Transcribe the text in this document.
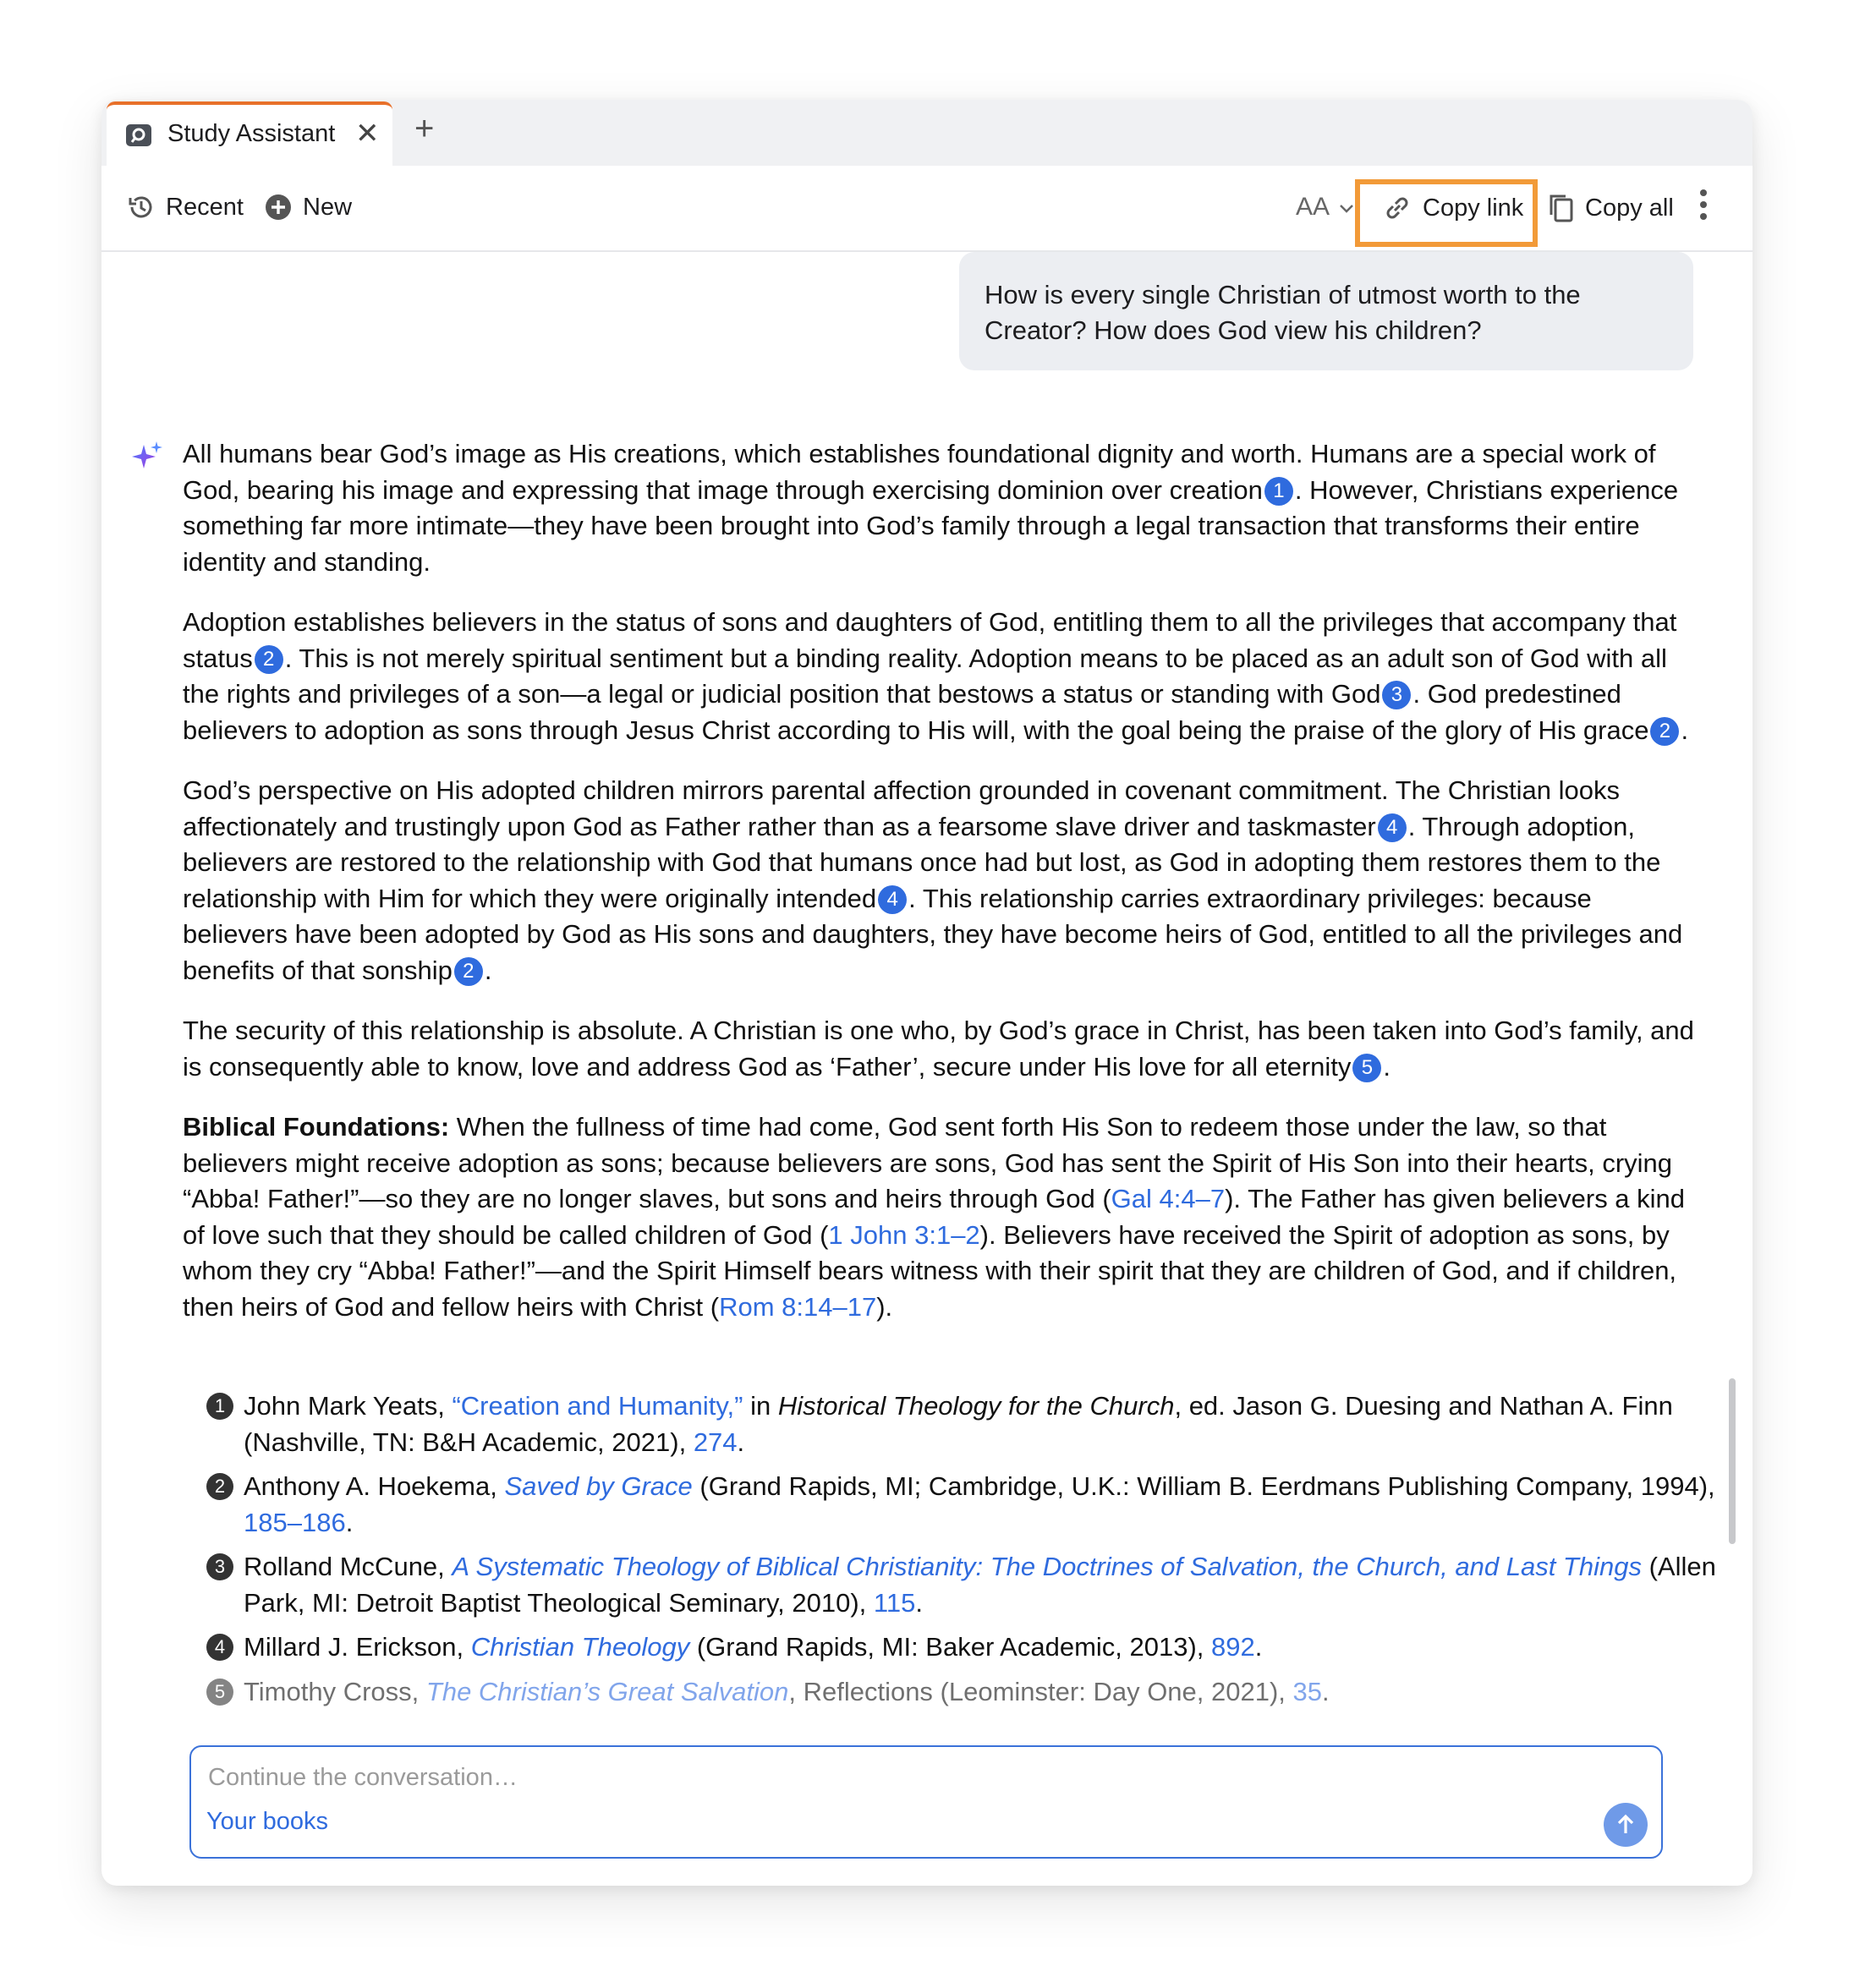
Study Assistant ✕ +
Recent New	AA	Copy link	Copy all
How is every single Christian of utmost worth to the Creator? How does God view his children?

All humans bear God’s image as His creations, which establishes foundational dignity and worth. Humans are a special work of God, bearing his image and expressing that image through exercising dominion over creation 1 . However, Christians experience something far more intimate—they have been brought into God’s family through a legal transaction that transforms their entire identity and standing.

Adoption establishes believers in the status of sons and daughters of God, entitling them to all the privileges that accompany that status 2 . This is not merely spiritual sentiment but a binding reality. Adoption means to be placed as an adult son of God with all the rights and privileges of a son—a legal or judicial position that bestows a status or standing with God 3 . God predestined believers to adoption as sons through Jesus Christ according to His will, with the goal being the praise of the glory of His grace 2 .

God’s perspective on His adopted children mirrors parental affection grounded in covenant commitment. The Christian looks affectionately and trustingly upon God as Father rather than as a fearsome slave driver and taskmaster 4 . Through adoption, believers are restored to the relationship with God that humans once had but lost, as God in adopting them restores them to the relationship with Him for which they were originally intended 4 . This relationship carries extraordinary privileges: because believers have been adopted by God as His sons and daughters, they have become heirs of God, entitled to all the privileges and benefits of that sonship 2 .

The security of this relationship is absolute. A Christian is one who, by God’s grace in Christ, has been taken into God’s family, and is consequently able to know, love and address God as ‘Father’, secure under His love for all eternity 5 .

Biblical Foundations: When the fullness of time had come, God sent forth His Son to redeem those under the law, so that believers might receive adoption as sons; because believers are sons, God has sent the Spirit of His Son into their hearts, crying “Abba! Father!”—so they are no longer slaves, but sons and heirs through God (Gal 4:4–7). The Father has given believers a kind of love such that they should be called children of God (1 John 3:1–2). Believers have received the Spirit of adoption as sons, by whom they cry “Abba! Father!”—and the Spirit Himself bears witness with their spirit that they are children of God, and if children, then heirs of God and fellow heirs with Christ (Rom 8:14–17).

1 John Mark Yeats, “Creation and Humanity,” in Historical Theology for the Church, ed. Jason G. Duesing and Nathan A. Finn (Nashville, TN: B&H Academic, 2021), 274.
2 Anthony A. Hoekema, Saved by Grace (Grand Rapids, MI; Cambridge, U.K.: William B. Eerdmans Publishing Company, 1994), 185–186.
3 Rolland McCune, A Systematic Theology of Biblical Christianity: The Doctrines of Salvation, the Church, and Last Things (Allen Park, MI: Detroit Baptist Theological Seminary, 2010), 115.
4 Millard J. Erickson, Christian Theology (Grand Rapids, MI: Baker Academic, 2013), 892.
5 Timothy Cross, The Christian’s Great Salvation, Reflections (Leominster: Day One, 2021), 35.
Continue the conversation…
Your books
